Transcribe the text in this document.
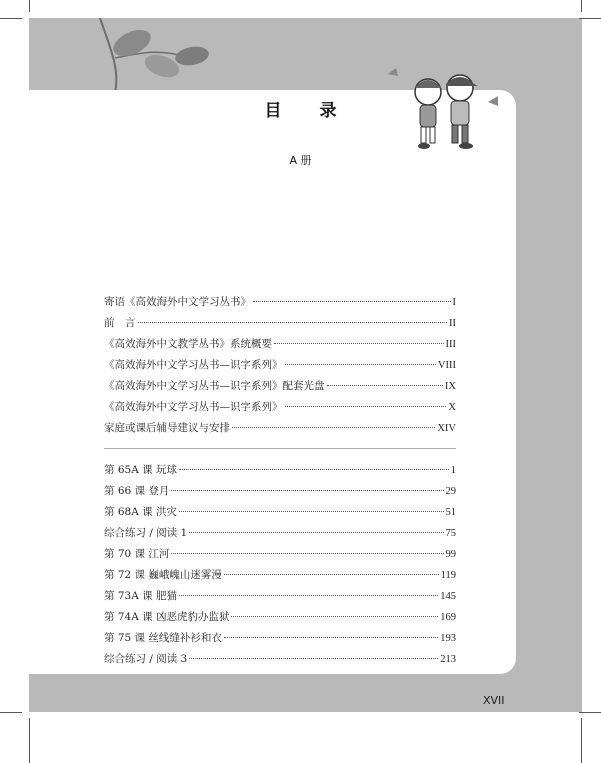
目 录
A 册
寄语《高效海外中文学习丛书》	I
前　言	II
《高效海外中文教学丛书》系统概要	III
《高效海外中文学习丛书—识字系列》	VIII
《高效海外中文学习丛书—识字系列》配套光盘	IX
《高效海外中文学习丛书—识字系列》	X
家庭或课后辅导建议与安排	XIV
第 65A 课 玩球	1
第 66 课 登月	29
第 68A 课 洪灾	51
综合练习 / 阅读 1	75
第 70 课 江河	99
第 72 课 巍峨㟴山迷雾漫	119
第 73A 课 肥猫	145
第 74A 课 凶恶虎豹办监狱	169
第 75 课 丝线缝补衫和衣	193
综合练习 / 阅读 3	213
XVII
